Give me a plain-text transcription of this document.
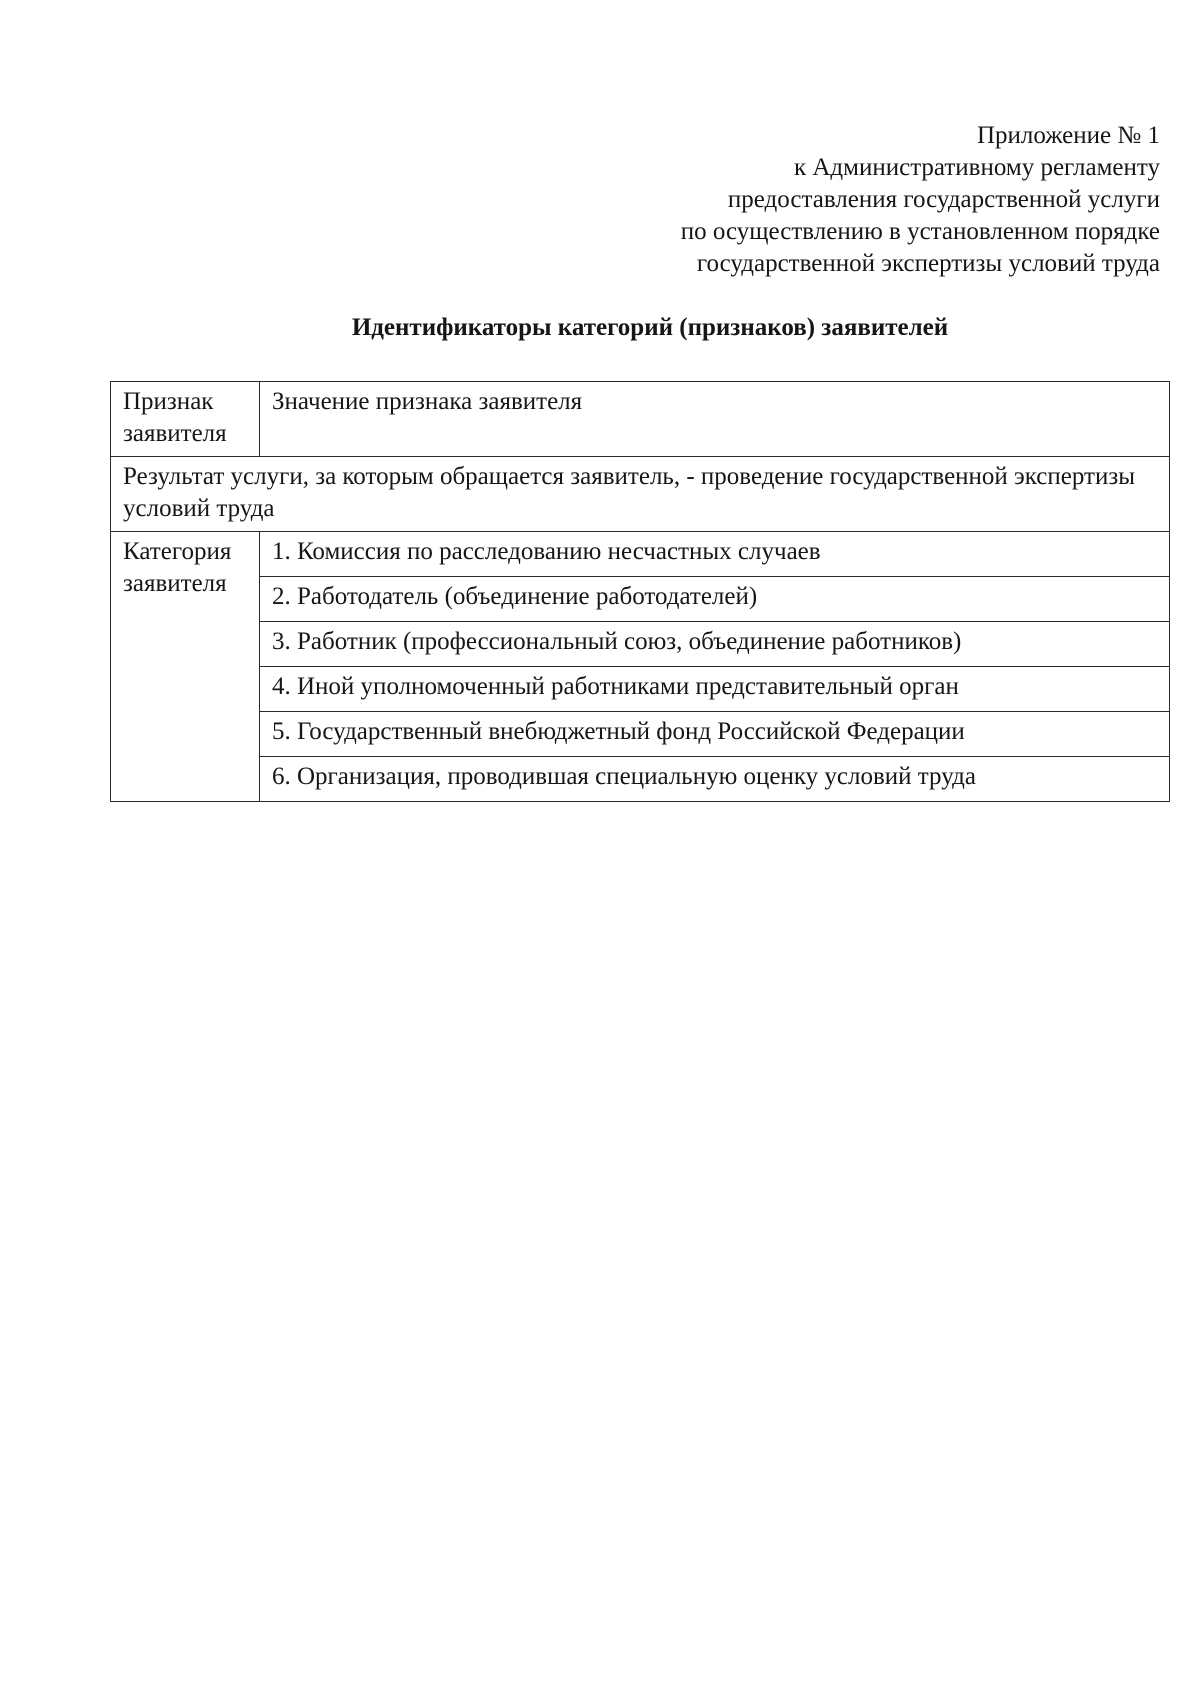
Приложение № 1
к Административному регламенту
предоставления государственной услуги
по осуществлению в установленном порядке
государственной экспертизы условий труда
Идентификаторы категорий (признаков) заявителей
Признак заявителя	Значение признака заявителя
Результат услуги, за которым обращается заявитель, - проведение государственной экспертизы условий труда	
Категория заявителя	1. Комиссия по расследованию несчастных случаев
	2. Работодатель (объединение работодателей)
	3. Работник (профессиональный союз, объединение работников)
	4. Иной уполномоченный работниками представительный орган
	5. Государственный внебюджетный фонд Российской Федерации
	6. Организация, проводившая специальную оценку условий труда
